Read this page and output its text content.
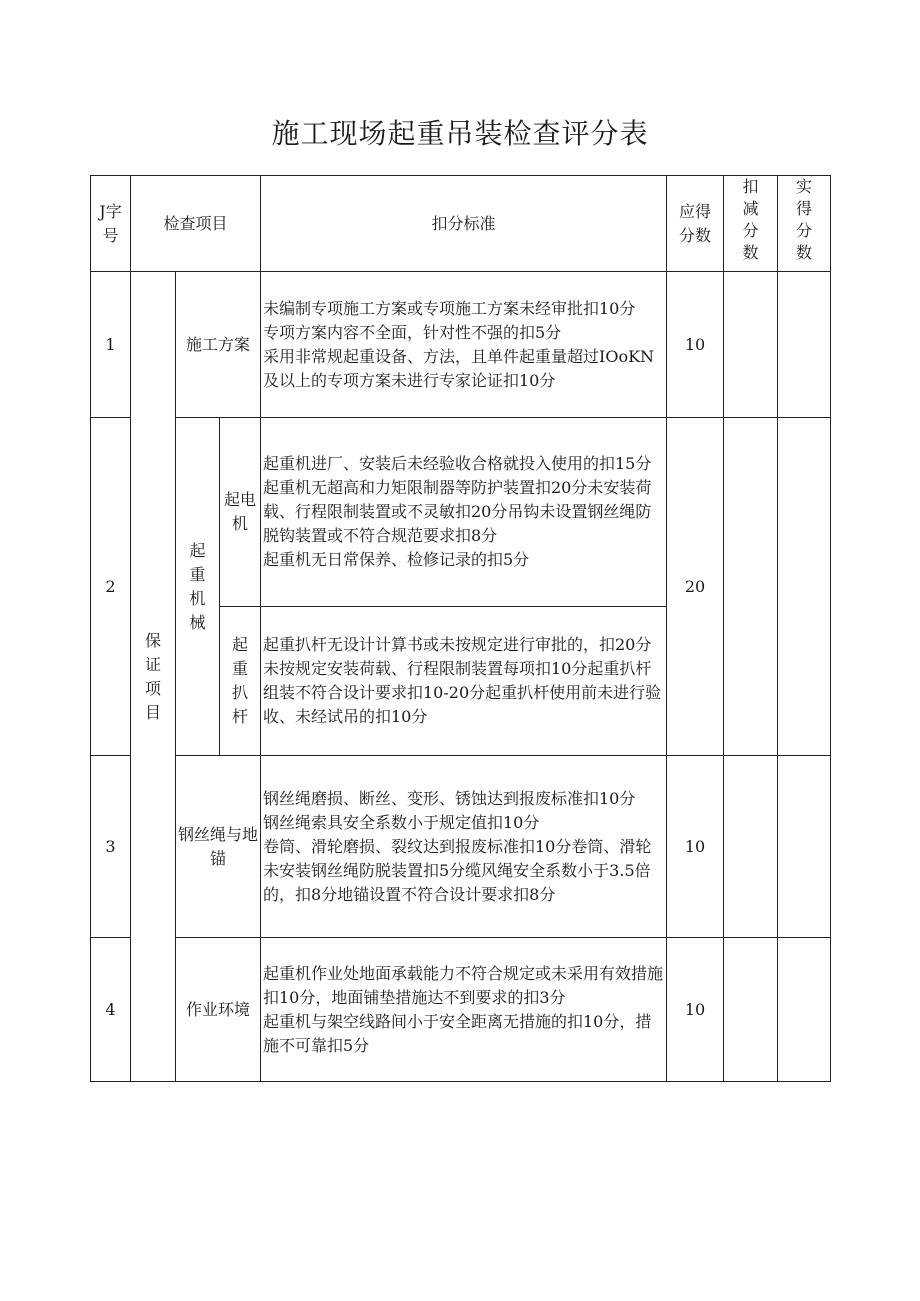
施工现场起重吊装检查评分表
J字号	检查项目			扣分标准	应得分数	扣减分数	实得分数

1	保证项目	施工方案		未编制专项施工方案或专项施工方案未经审批扣10分
专项方案内容不全面，针对性不强的扣5分
采用非常规起重设备、方法，且单件起重量超过IOoKN及以上的专项方案未进行专家论证扣10分	10		
2		起重机械	起电机	起重机进厂、安装后未经验收合格就投入使用的扣15分
起重机无超高和力矩限制器等防护装置扣20分未安装荷载、行程限制装置或不灵敏扣20分吊钩未设置钢丝绳防脱钩装置或不符合规范要求扣8分
起重机无日常保养、检修记录的扣5分	20		

			起重扒杆	起重扒杆无设计计算书或未按规定进行审批的，扣20分
未按规定安装荷载、行程限制装置每项扣10分起重扒杆组装不符合设计要求扣10-20分起重扒杆使用前未进行验收、未经试吊的扣10分			

3		钢丝绳与地锚		钢丝绳磨损、断丝、变形、锈蚀达到报废标准扣10分
钢丝绳索具安全系数小于规定值扣10分
卷筒、滑轮磨损、裂纹达到报废标准扣10分卷筒、滑轮未安装钢丝绳防脱装置扣5分缆风绳安全系数小于3.5倍的，扣8分地锚设置不符合设计要求扣8分	10		
4		作业环境		起重机作业处地面承载能力不符合规定或未采用有效措施扣10分，地面铺垫措施达不到要求的扣3分
起重机与架空线路间小于安全距离无措施的扣10分，措施不可靠扣5分	10		
